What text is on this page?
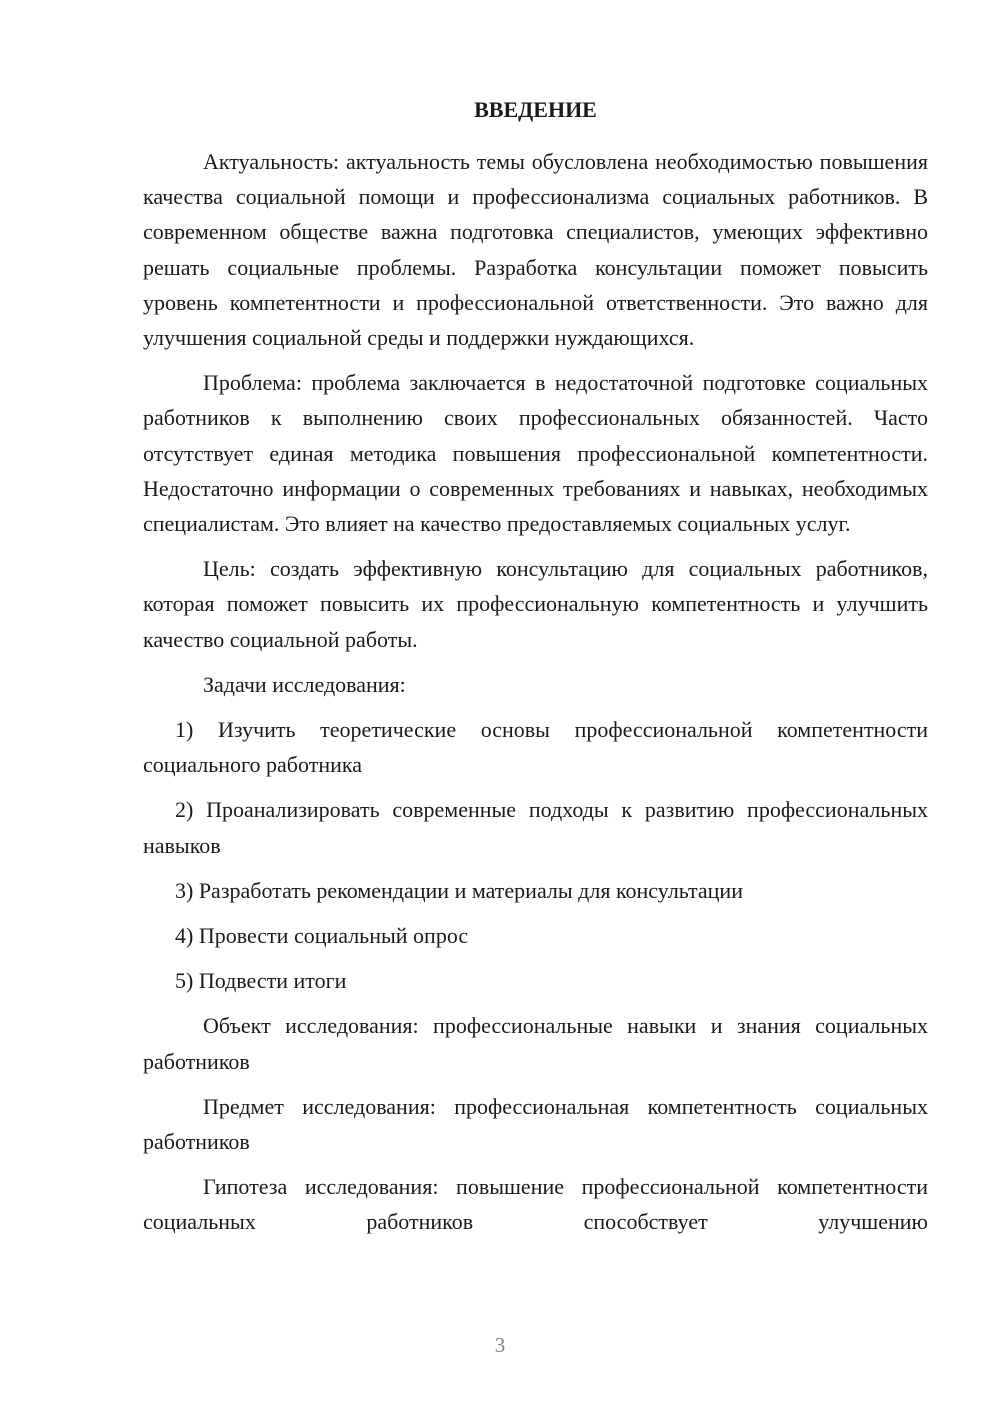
ВВЕДЕНИЕ

Актуальность: актуальность темы обусловлена необходимостью повышения качества социальной помощи и профессионализма социальных работников. В современном обществе важна подготовка специалистов, умеющих эффективно решать социальные проблемы. Разработка консультации поможет повысить уровень компетентности и профессиональной ответственности. Это важно для улучшения социальной среды и поддержки нуждающихся.

Проблема: проблема заключается в недостаточной подготовке социальных работников к выполнению своих профессиональных обязанностей. Часто отсутствует единая методика повышения профессиональной компетентности. Недостаточно информации о современных требованиях и навыках, необходимых специалистам. Это влияет на качество предоставляемых социальных услуг.

Цель: создать эффективную консультацию для социальных работников, которая поможет повысить их профессиональную компетентность и улучшить качество социальной работы.

Задачи исследования:

1) Изучить теоретические основы профессиональной компетентности социального работника

2) Проанализировать современные подходы к развитию профессиональных навыков

3) Разработать рекомендации и материалы для консультации

4) Провести социальный опрос

5) Подвести итоги

Объект исследования: профессиональные навыки и знания социальных работников

Предмет исследования: профессиональная компетентность социальных работников

Гипотеза исследования: повышение профессиональной компетентности социальных работников способствует улучшению

3
